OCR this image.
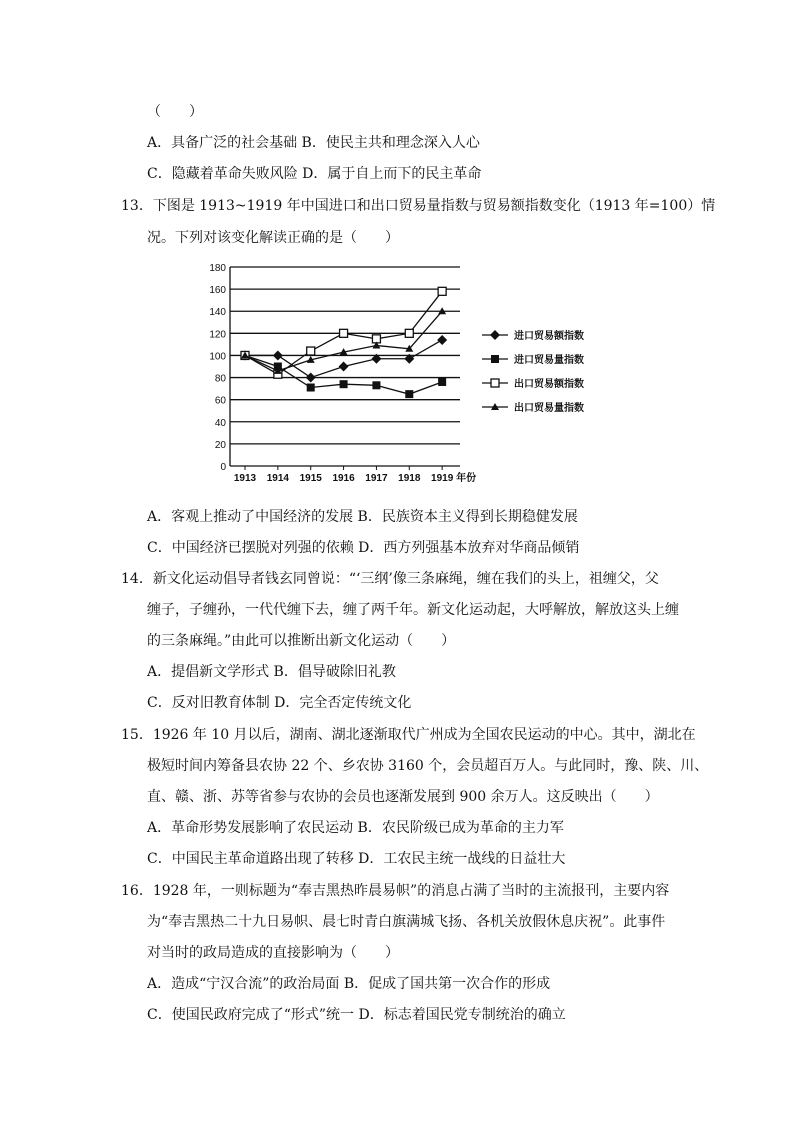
（　　）
A．具备广泛的社会基础 B．使民主共和理念深入人心
C．隐藏着革命失败风险 D．属于自上而下的民主革命
13．下图是 1913~1919 年中国进口和出口贸易量指数与贸易额指数变化（1913 年=100）情
况。下列对该变化解读正确的是（　　）
A．客观上推动了中国经济的发展 B．民族资本主义得到长期稳健发展
C．中国经济已摆脱对列强的依赖 D．西方列强基本放弃对华商品倾销
14．新文化运动倡导者钱玄同曾说：“‘三纲’像三条麻绳，缠在我们的头上，祖缠父，父
缠子，子缠孙，一代代缠下去，缠了两千年。新文化运动起，大呼解放，解放这头上缠
的三条麻绳。”由此可以推断出新文化运动（　　）
A．提倡新文学形式 B．倡导破除旧礼教
C．反对旧教育体制 D．完全否定传统文化
15．1926 年 10 月以后，湖南、湖北逐渐取代广州成为全国农民运动的中心。其中，湖北在
极短时间内筹备县农协 22 个、乡农协 3160 个，会员超百万人。与此同时，豫、陕、川、
直、赣、浙、苏等省参与农协的会员也逐渐发展到 900 余万人。这反映出（　　）
A．革命形势发展影响了农民运动 B．农民阶级已成为革命的主力军
C．中国民主革命道路出现了转移 D．工农民主统一战线的日益壮大
16．1928 年，一则标题为“奉吉黑热昨晨易帜”的消息占满了当时的主流报刊，主要内容
为“奉吉黑热二十九日易帜、晨七时青白旗满城飞扬、各机关放假休息庆祝”。此事件
对当时的政局造成的直接影响为（　　）
A．造成“宁汉合流”的政治局面 B．促成了国共第一次合作的形成
C．使国民政府完成了“形式”统一 D．标志着国民党专制统治的确立
0
20
40
60
80
100
120
140
160
180
1913 1914 1915 1916 1917 1918 1919 年份
进口贸易额指数
进口贸易量指数
出口贸易额指数
出口贸易量指数
